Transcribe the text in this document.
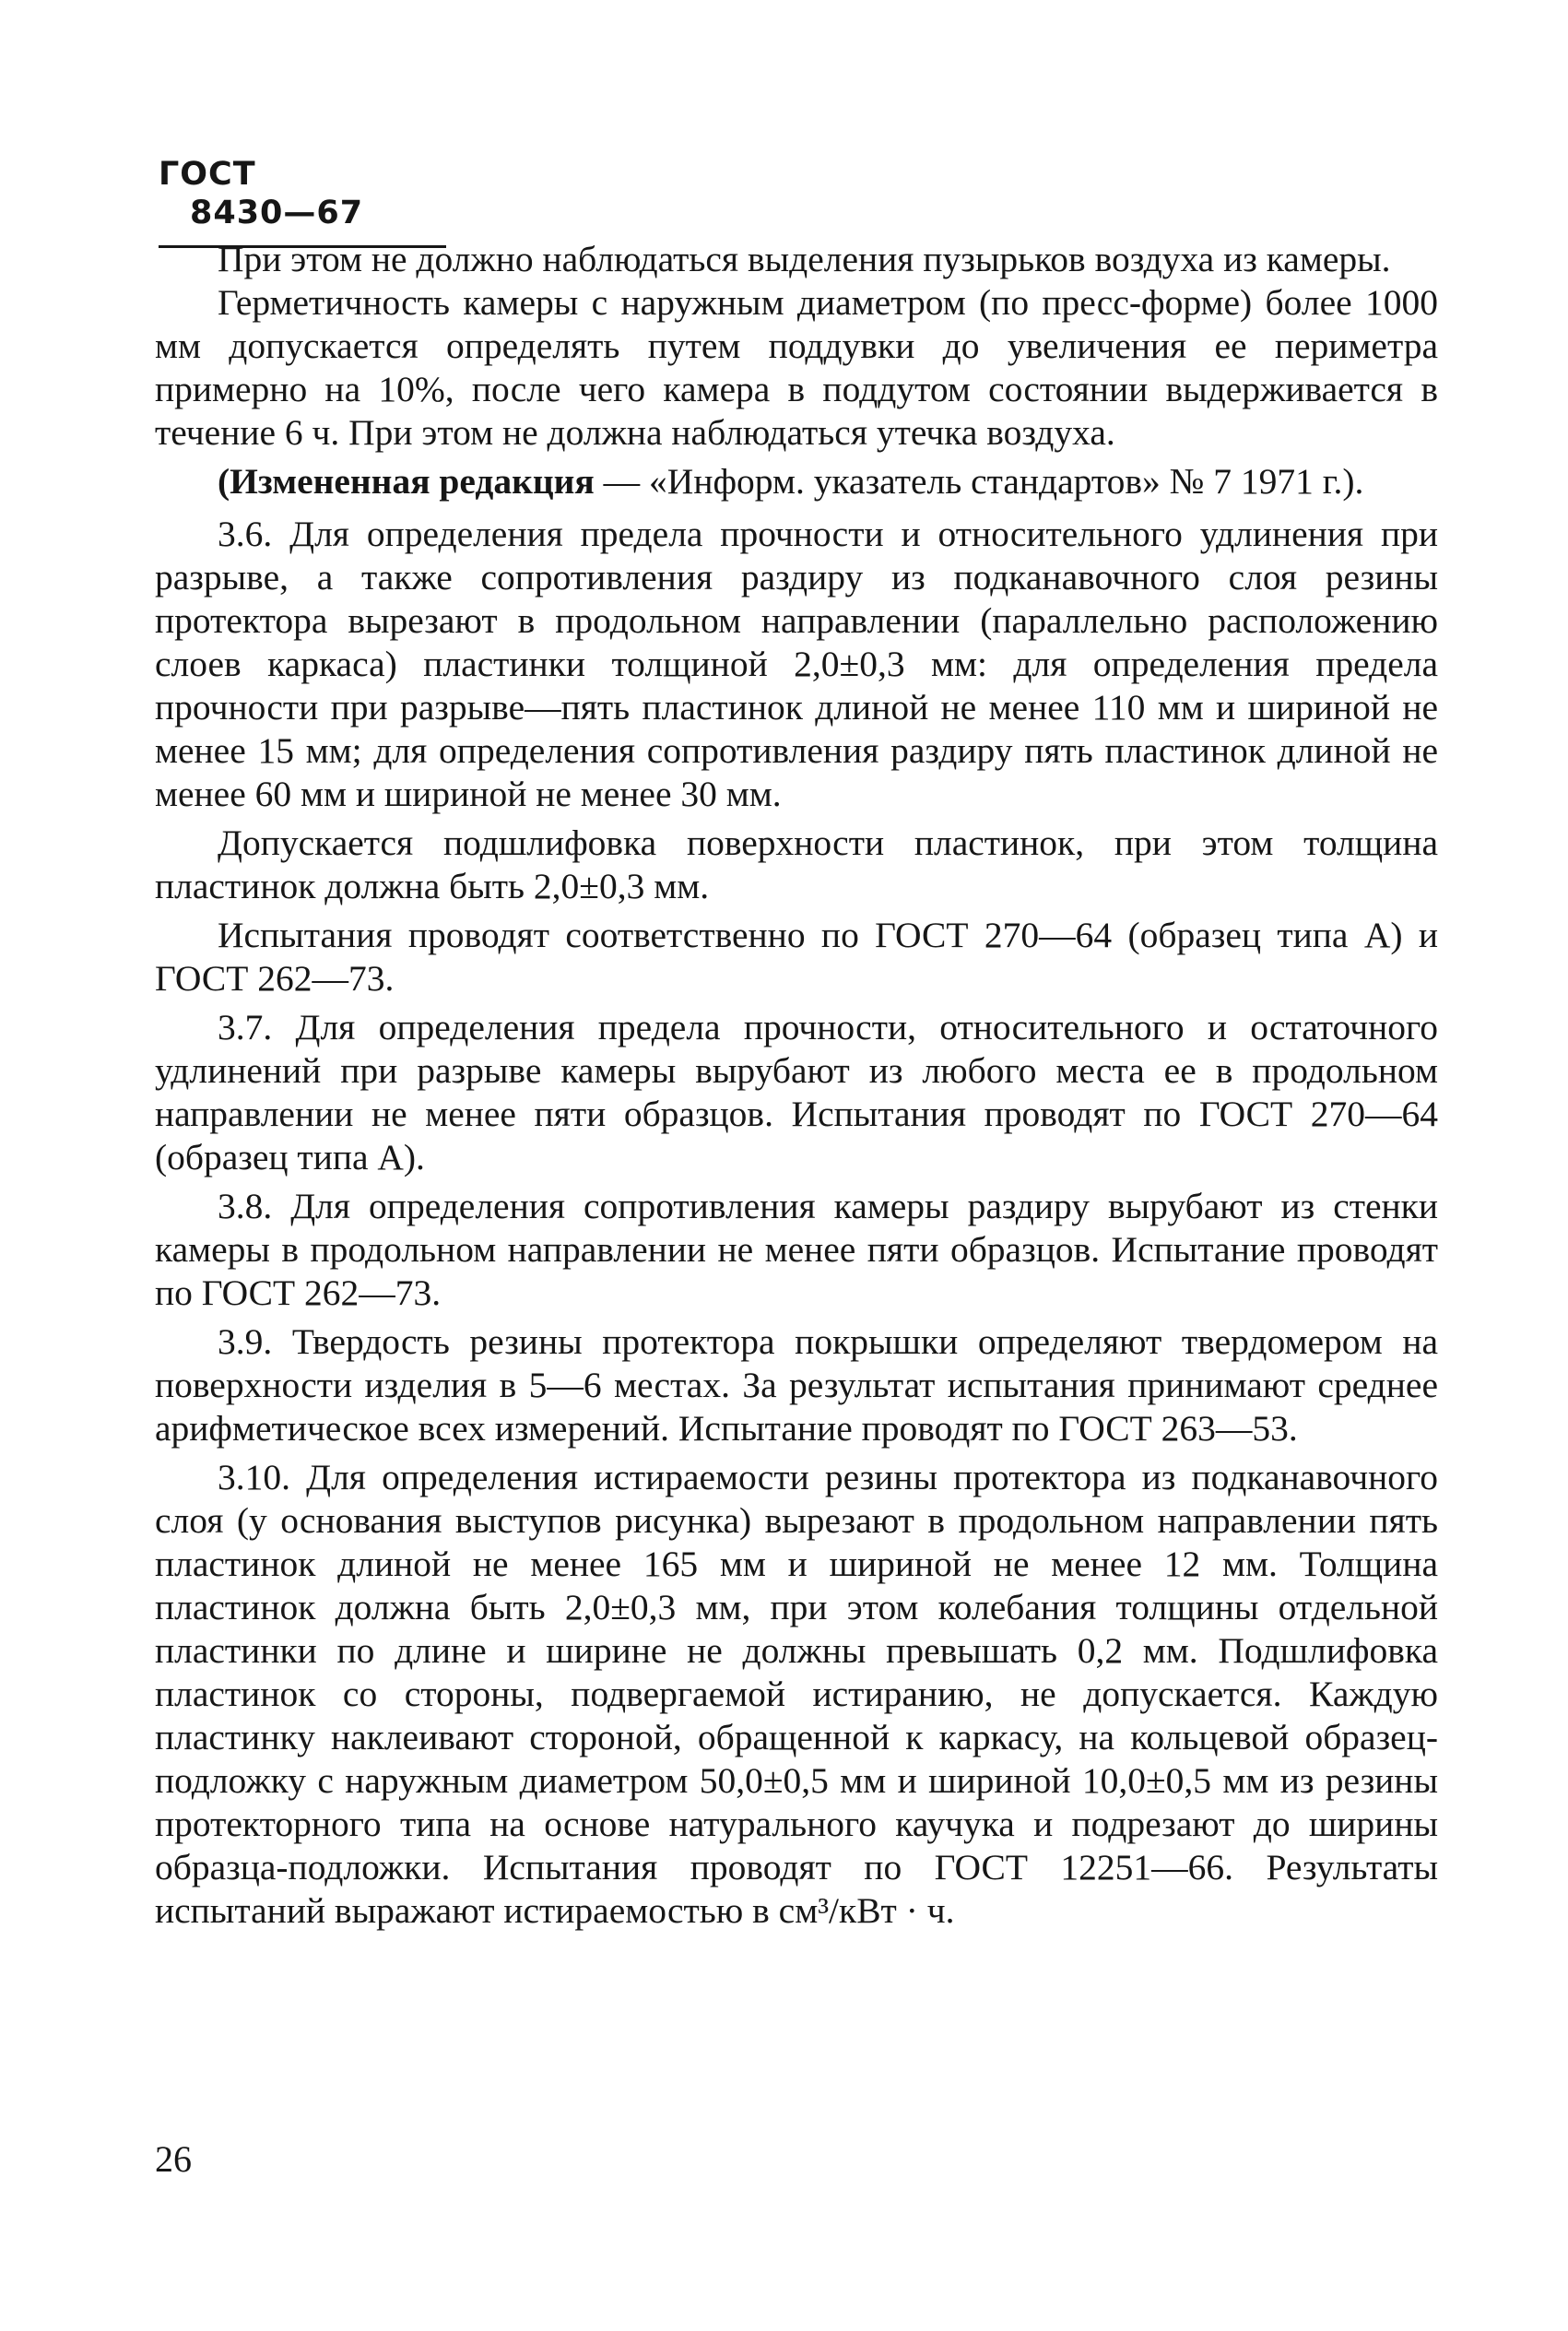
ГОСТ8430—67

При этом не должно наблюдаться выделения пузырьков воздуха из камеры.

Герметичность камеры с наружным диаметром (по пресс-форме) более 1000 мм допускается определять путем поддувки до увеличения ее периметра примерно на 10%, после чего камера в поддутом состоянии выдерживается в течение 6 ч. При этом не должна наблюдаться утечка воздуха.

(Измененная редакция — «Информ. указатель стандартов» № 7 1971 г.).

3.6. Для определения предела прочности и относительного удлинения при разрыве, а также сопротивления раздиру из подканавочного слоя резины протектора вырезают в продольном направлении (параллельно расположению слоев каркаса) пластинки толщиной 2,0±0,3 мм: для определения предела прочности при разрыве—пять пластинок длиной не менее 110 мм и шириной не менее 15 мм; для определения сопротивления раздиру пять пластинок длиной не менее 60 мм и шириной не менее 30 мм.

Допускается подшлифовка поверхности пластинок, при этом толщина пластинок должна быть 2,0±0,3 мм.

Испытания проводят соответственно по ГОСТ 270—64 (образец типа А) и ГОСТ 262—73.

3.7. Для определения предела прочности, относительного и остаточного удлинений при разрыве камеры вырубают из любого места ее в продольном направлении не менее пяти образцов. Испытания проводят по ГОСТ 270—64 (образец типа А).

3.8. Для определения сопротивления камеры раздиру вырубают из стенки камеры в продольном направлении не менее пяти образцов. Испытание проводят по ГОСТ 262—73.

3.9. Твердость резины протектора покрышки определяют твердомером на поверхности изделия в 5—6 местах. За результат испытания принимают среднее арифметическое всех измерений. Испытание проводят по ГОСТ 263—53.

3.10. Для определения истираемости резины протектора из подканавочного слоя (у основания выступов рисунка) вырезают в продольном направлении пять пластинок длиной не менее 165 мм и шириной не менее 12 мм. Толщина пластинок должна быть 2,0±0,3 мм, при этом колебания толщины отдельной пластинки по длине и ширине не должны превышать 0,2 мм. Подшлифовка пластинок со стороны, подвергаемой истиранию, не допускается. Каждую пластинку наклеивают стороной, обращенной к каркасу, на кольцевой образец-подложку с наружным диаметром 50,0±0,5 мм и шириной 10,0±0,5 мм из резины протекторного типа на основе натурального каучука и подрезают до ширины образца-подложки. Испытания проводят по ГОСТ 12251—66. Результаты испытаний выражают истираемостью в см³/кВт · ч.

26
